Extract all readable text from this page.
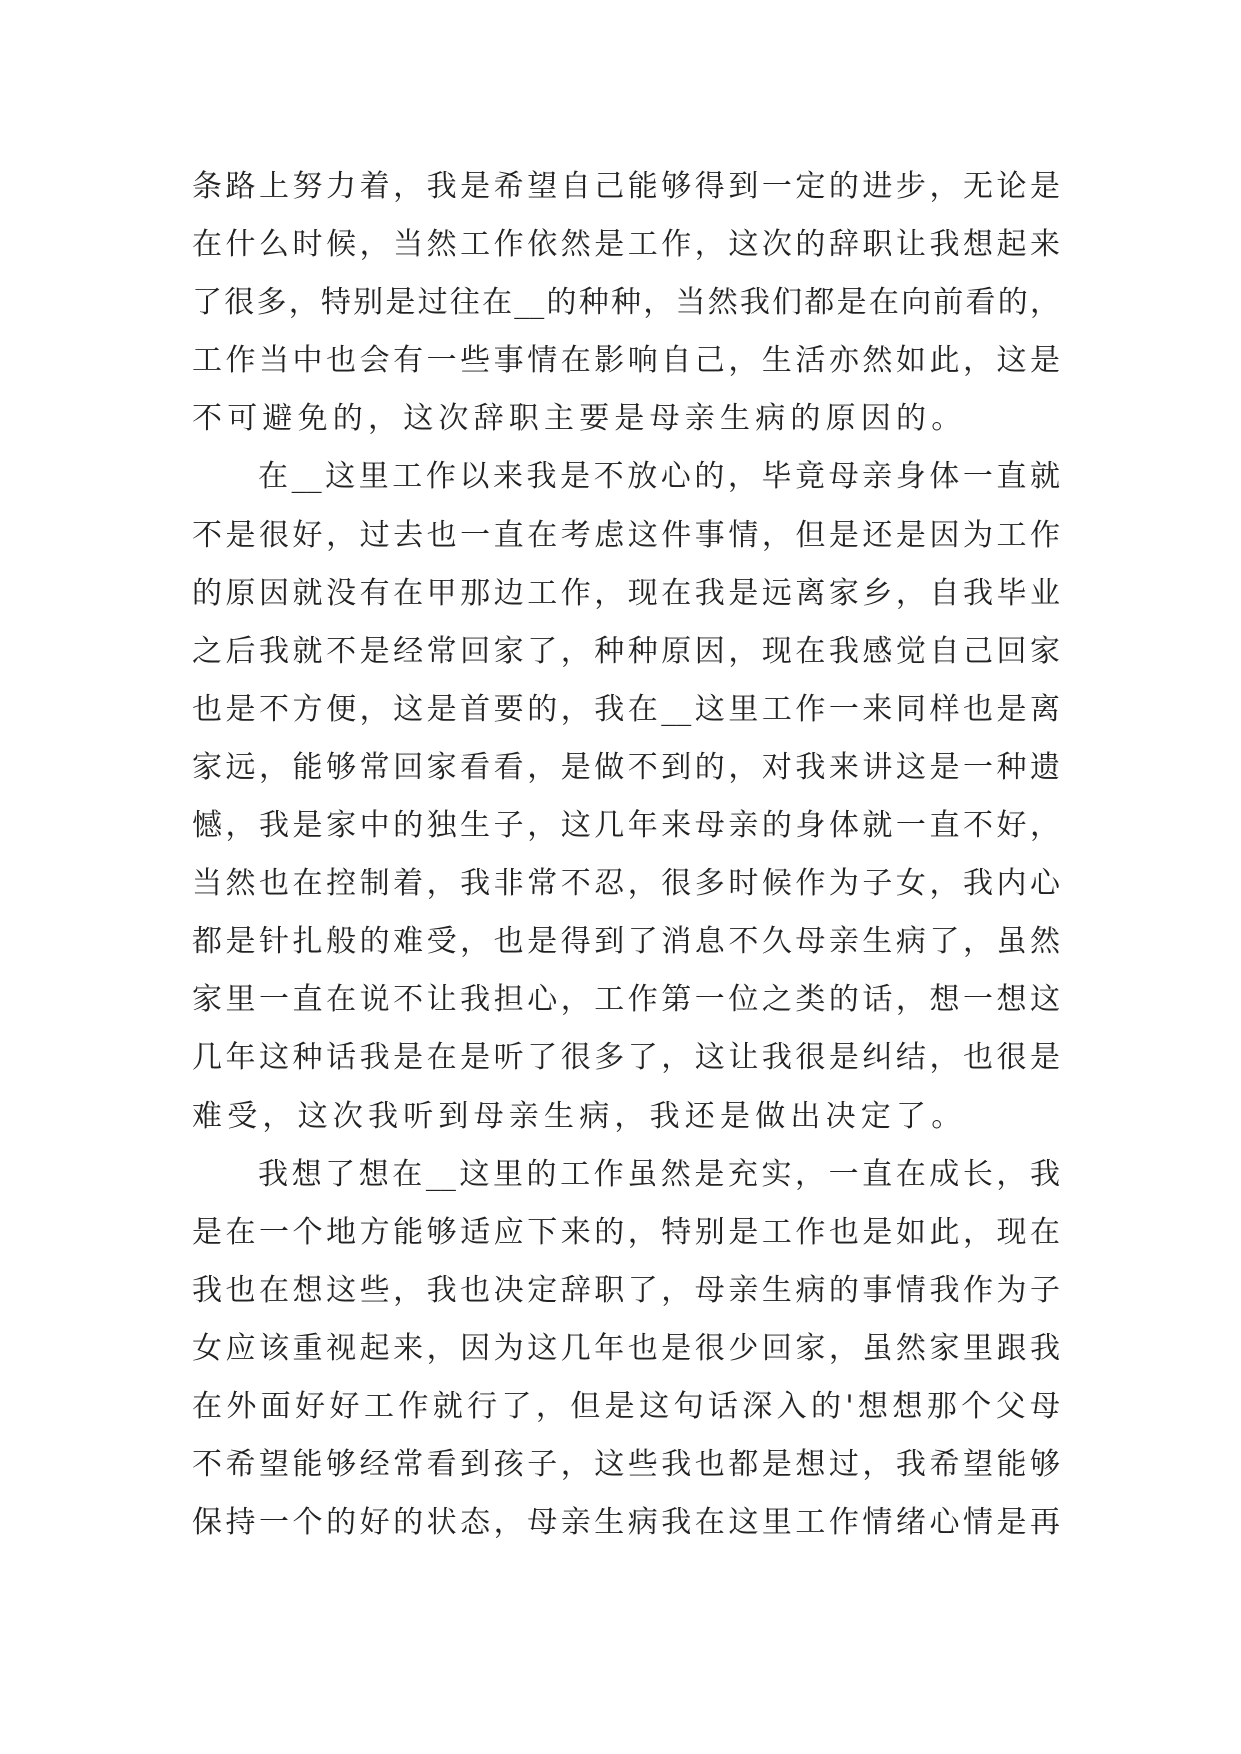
条路上努力着，我是希望自己能够得到一定的进步，无论是
在什么时候，当然工作依然是工作，这次的辞职让我想起来
了很多，特别是过往在__的种种，当然我们都是在向前看的，
工作当中也会有一些事情在影响自己，生活亦然如此，这是
不可避免的，这次辞职主要是母亲生病的原因的。
在__这里工作以来我是不放心的，毕竟母亲身体一直就
不是很好，过去也一直在考虑这件事情，但是还是因为工作
的原因就没有在甲那边工作，现在我是远离家乡，自我毕业
之后我就不是经常回家了，种种原因，现在我感觉自己回家
也是不方便，这是首要的，我在__这里工作一来同样也是离
家远，能够常回家看看，是做不到的，对我来讲这是一种遗
憾，我是家中的独生子，这几年来母亲的身体就一直不好，
当然也在控制着，我非常不忍，很多时候作为子女，我内心
都是针扎般的难受，也是得到了消息不久母亲生病了，虽然
家里一直在说不让我担心，工作第一位之类的话，想一想这
几年这种话我是在是听了很多了，这让我很是纠结，也很是
难受，这次我听到母亲生病，我还是做出决定了。
我想了想在__这里的工作虽然是充实，一直在成长，我
是在一个地方能够适应下来的，特别是工作也是如此，现在
我也在想这些，我也决定辞职了，母亲生病的事情我作为子
女应该重视起来，因为这几年也是很少回家，虽然家里跟我
在外面好好工作就行了，但是这句话深入的'想想那个父母
不希望能够经常看到孩子，这些我也都是想过，我希望能够
保持一个的好的状态，母亲生病我在这里工作情绪心情是再
